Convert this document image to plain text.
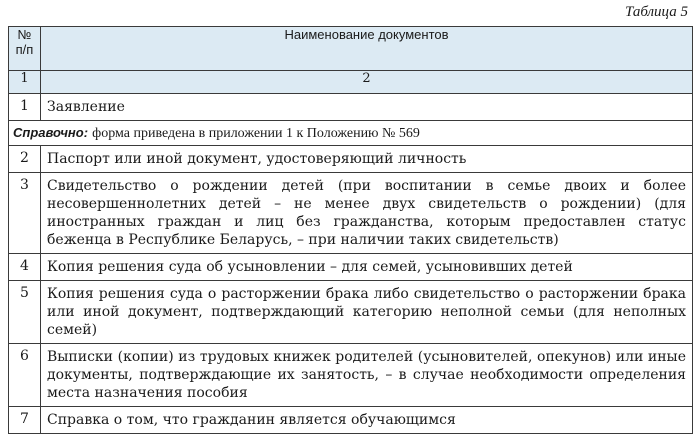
Таблица 5
№
п/п	Наименование документов
1	2
1	Заявление
Справочно: форма приведена в приложении 1 к Положению № 569	
2	Паспорт или иной документ, удостоверяющий личность
3	Свидетельство о рождении детей (при воспитании в семье двоих и более несовершеннолетних детей – не менее двух свидетельств о рождении) (для иностранных граждан и лиц без гражданства, которым предоставлен статус беженца в Республике Беларусь, – при наличии таких свидетельств)
4	Копия решения суда об усыновлении – для семей, усыновивших детей
5	Копия решения суда о расторжении брака либо свидетельство о расторжении брака или иной документ, подтверждающий категорию неполной семьи (для неполных семей)
6	Выписки (копии) из трудовых книжек родителей (усыновителей, опекунов) или иные документы, подтверждающие их занятость, – в случае необходимости определения места назначения пособия
7	Справка о том, что гражданин является обучающимся
